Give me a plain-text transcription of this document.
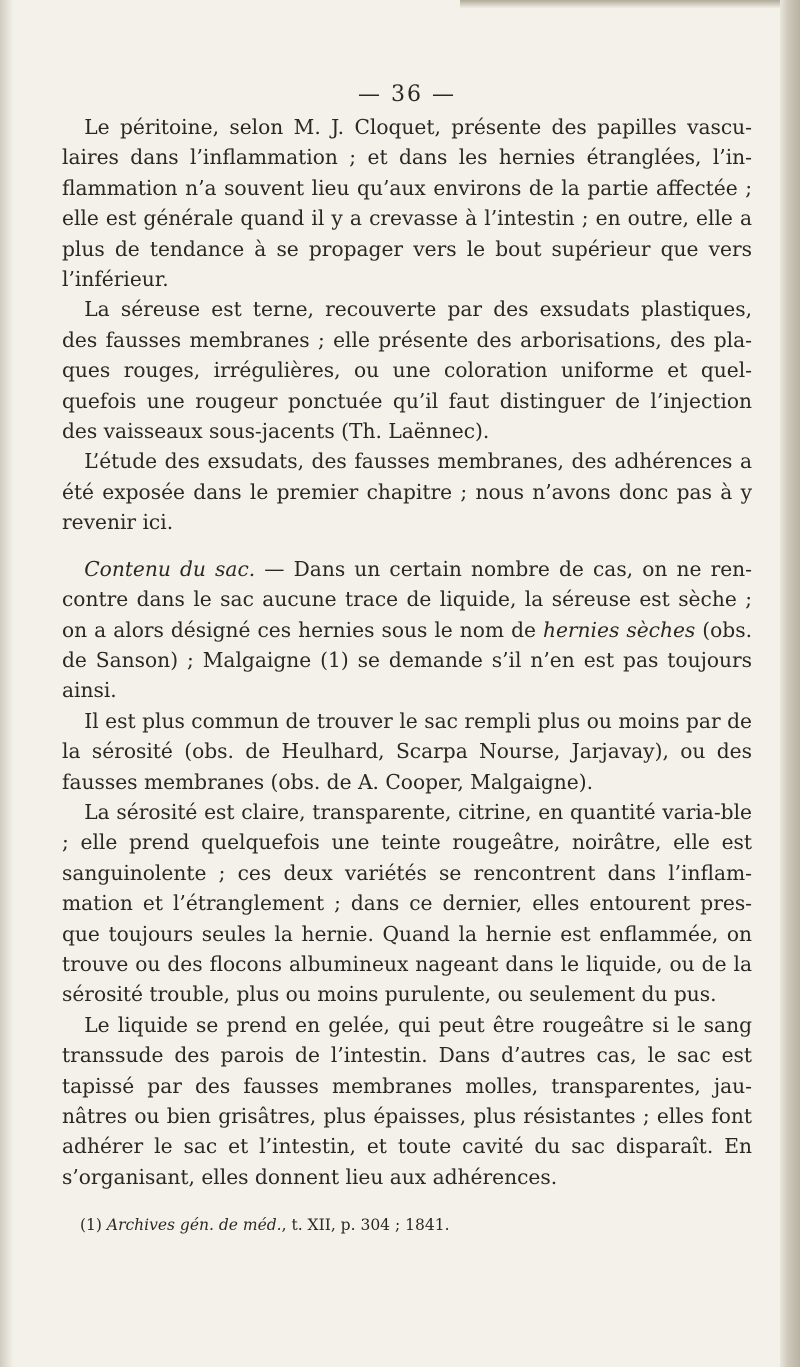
— 36 —

Le péritoine, selon M. J. Cloquet, présente des papilles vascu-laires dans l’inflammation ; et dans les hernies étranglées, l’in-flammation n’a souvent lieu qu’aux environs de la partie affectée ; elle est générale quand il y a crevasse à l’intestin ; en outre, elle a plus de tendance à se propager vers le bout supérieur que vers l’inférieur.

La séreuse est terne, recouverte par des exsudats plastiques, des fausses membranes ; elle présente des arborisations, des pla-ques rouges, irrégulières, ou une coloration uniforme et quel-quefois une rougeur ponctuée qu’il faut distinguer de l’injection des vaisseaux sous-jacents (Th. Laënnec).

L’étude des exsudats, des fausses membranes, des adhérences a été exposée dans le premier chapitre ; nous n’avons donc pas à y revenir ici.

Contenu du sac. — Dans un certain nombre de cas, on ne ren-contre dans le sac aucune trace de liquide, la séreuse est sèche ; on a alors désigné ces hernies sous le nom de hernies sèches (obs. de Sanson) ; Malgaigne (1) se demande s’il n’en est pas toujours ainsi.

Il est plus commun de trouver le sac rempli plus ou moins par de la sérosité (obs. de Heulhard, Scarpa Nourse, Jarjavay), ou des fausses membranes (obs. de A. Cooper, Malgaigne).

La sérosité est claire, transparente, citrine, en quantité varia-ble ; elle prend quelquefois une teinte rougeâtre, noirâtre, elle est sanguinolente ; ces deux variétés se rencontrent dans l’inflam-mation et l’étranglement ; dans ce dernier, elles entourent pres-que toujours seules la hernie. Quand la hernie est enflammée, on trouve ou des flocons albumineux nageant dans le liquide, ou de la sérosité trouble, plus ou moins purulente, ou seulement du pus.

Le liquide se prend en gelée, qui peut être rougeâtre si le sang transsude des parois de l’intestin. Dans d’autres cas, le sac est tapissé par des fausses membranes molles, transparentes, jau-nâtres ou bien grisâtres, plus épaisses, plus résistantes ; elles font adhérer le sac et l’intestin, et toute cavité du sac disparaît. En s’organisant, elles donnent lieu aux adhérences.

(1) Archives gén. de méd., t. XII, p. 304 ; 1841.
